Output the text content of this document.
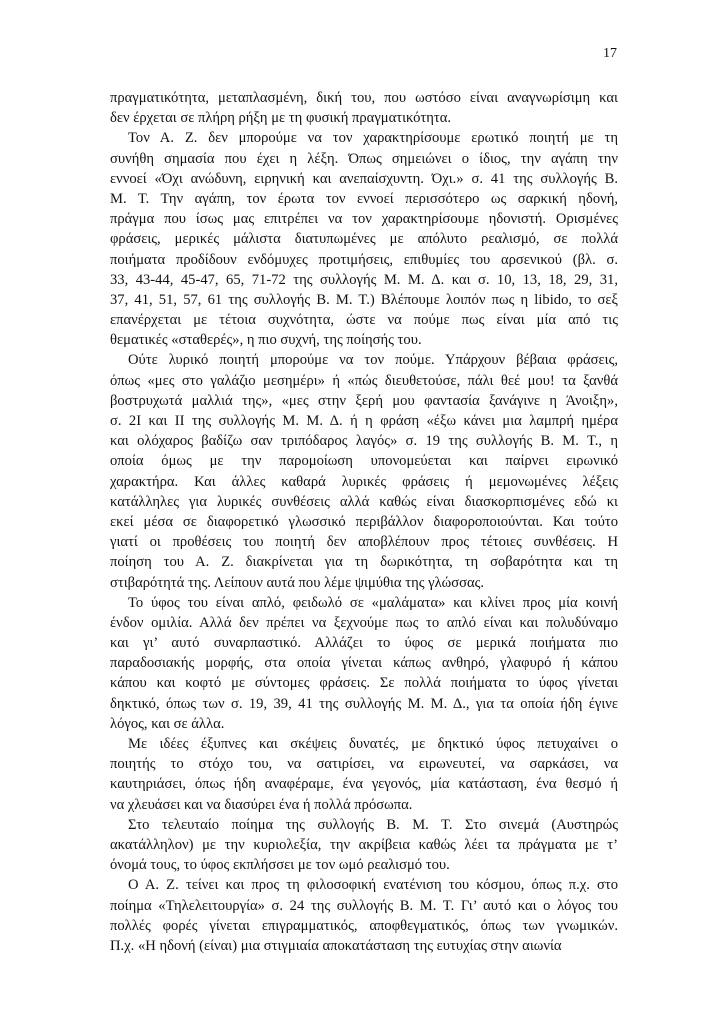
17
πραγματικότητα, μεταπλασμένη, δική του, που ωστόσο είναι αναγνωρίσιμη και
δεν έρχεται σε πλήρη ρήξη με τη φυσική πραγματικότητα.
Τον Α. Ζ. δεν μπορούμε να τον χαρακτηρίσουμε ερωτικό ποιητή με τη
συνήθη σημασία που έχει η λέξη. Όπως σημειώνει ο ίδιος, την αγάπη την
εννοεί «Όχι ανώδυνη, ειρηνική και ανεπαίσχυντη. Όχι.» σ. 41 της συλλογής Β.
Μ. Τ. Την αγάπη, τον έρωτα τον εννοεί περισσότερο ως σαρκική ηδονή,
πράγμα που ίσως μας επιτρέπει να τον χαρακτηρίσουμε ηδονιστή. Ορισμένες
φράσεις, μερικές μάλιστα διατυπωμένες με απόλυτο ρεαλισμό, σε πολλά
ποιήματα προδίδουν ενδόμυχες προτιμήσεις, επιθυμίες του αρσενικού (βλ. σ.
33, 43-44, 45-47, 65, 71-72 της συλλογής Μ. Μ. Δ. και σ. 10, 13, 18, 29, 31,
37, 41, 51, 57, 61 της συλλογής Β. Μ. Τ.) Βλέπουμε λοιπόν πως η libido, το σεξ
επανέρχεται με τέτοια συχνότητα, ώστε να πούμε πως είναι μία από τις
θεματικές «σταθερές», η πιο συχνή, της ποίησής του.
Ούτε λυρικό ποιητή μπορούμε να τον πούμε. Υπάρχουν βέβαια φράσεις,
όπως «μες στο γαλάζιο μεσημέρι» ή «πώς διευθετούσε, πάλι θεέ μου! τα ξανθά
βοστρυχωτά μαλλιά της», «μες στην ξερή μου φαντασία ξανάγινε η Άνοιξη»,
σ. 2Ι και ΙΙ της συλλογής Μ. Μ. Δ. ή η φράση «έξω κάνει μια λαμπρή ημέρα
και ολόχαρος βαδίζω σαν τριπόδαρος λαγός» σ. 19 της συλλογής Β. Μ. Τ., η
οποία όμως με την παρομοίωση υπονομεύεται και παίρνει ειρωνικό
χαρακτήρα. Και άλλες καθαρά λυρικές φράσεις ή μεμονωμένες λέξεις
κατάλληλες για λυρικές συνθέσεις αλλά καθώς είναι διασκορπισμένες εδώ κι
εκεί μέσα σε διαφορετικό γλωσσικό περιβάλλον διαφοροποιούνται. Και τούτο
γιατί οι προθέσεις του ποιητή δεν αποβλέπουν προς τέτοιες συνθέσεις. Η
ποίηση του Α. Ζ. διακρίνεται για τη δωρικότητα, τη σοβαρότητα και τη
στιβαρότητά της. Λείπουν αυτά που λέμε ψιμύθια της γλώσσας.
Το ύφος του είναι απλό, φειδωλό σε «μαλάματα» και κλίνει προς μία κοινή
ένδον ομιλία. Αλλά δεν πρέπει να ξεχνούμε πως το απλό είναι και πολυδύναμο
και γι’ αυτό συναρπαστικό. Αλλάζει το ύφος σε μερικά ποιήματα πιο
παραδοσιακής μορφής, στα οποία γίνεται κάπως ανθηρό, γλαφυρό ή κάπου
κάπου και κοφτό με σύντομες φράσεις. Σε πολλά ποιήματα το ύφος γίνεται
δηκτικό, όπως των σ. 19, 39, 41 της συλλογής Μ. Μ. Δ., για τα οποία ήδη έγινε
λόγος, και σε άλλα.
Με ιδέες έξυπνες και σκέψεις δυνατές, με δηκτικό ύφος πετυχαίνει ο
ποιητής το στόχο του, να σατιρίσει, να ειρωνευτεί, να σαρκάσει, να
καυτηριάσει, όπως ήδη αναφέραμε, ένα γεγονός, μία κατάσταση, ένα θεσμό ή
να χλευάσει και να διασύρει ένα ή πολλά πρόσωπα.
Στο τελευταίο ποίημα της συλλογής Β. Μ. Τ. Στο σινεμά (Αυστηρώς
ακατάλληλον) με την κυριολεξία, την ακρίβεια καθώς λέει τα πράγματα με τ’
όνομά τους, το ύφος εκπλήσσει με τον ωμό ρεαλισμό του.
Ο Α. Ζ. τείνει και προς τη φιλοσοφική ενατένιση του κόσμου, όπως π.χ. στο
ποίημα «Τηλελειτουργία» σ. 24 της συλλογής Β. Μ. Τ. Γι’ αυτό και ο λόγος του
πολλές φορές γίνεται επιγραμματικός, αποφθεγματικός, όπως των γνωμικών.
Π.χ. «Η ηδονή (είναι) μια στιγμιαία αποκατάσταση της ευτυχίας στην αιωνία
